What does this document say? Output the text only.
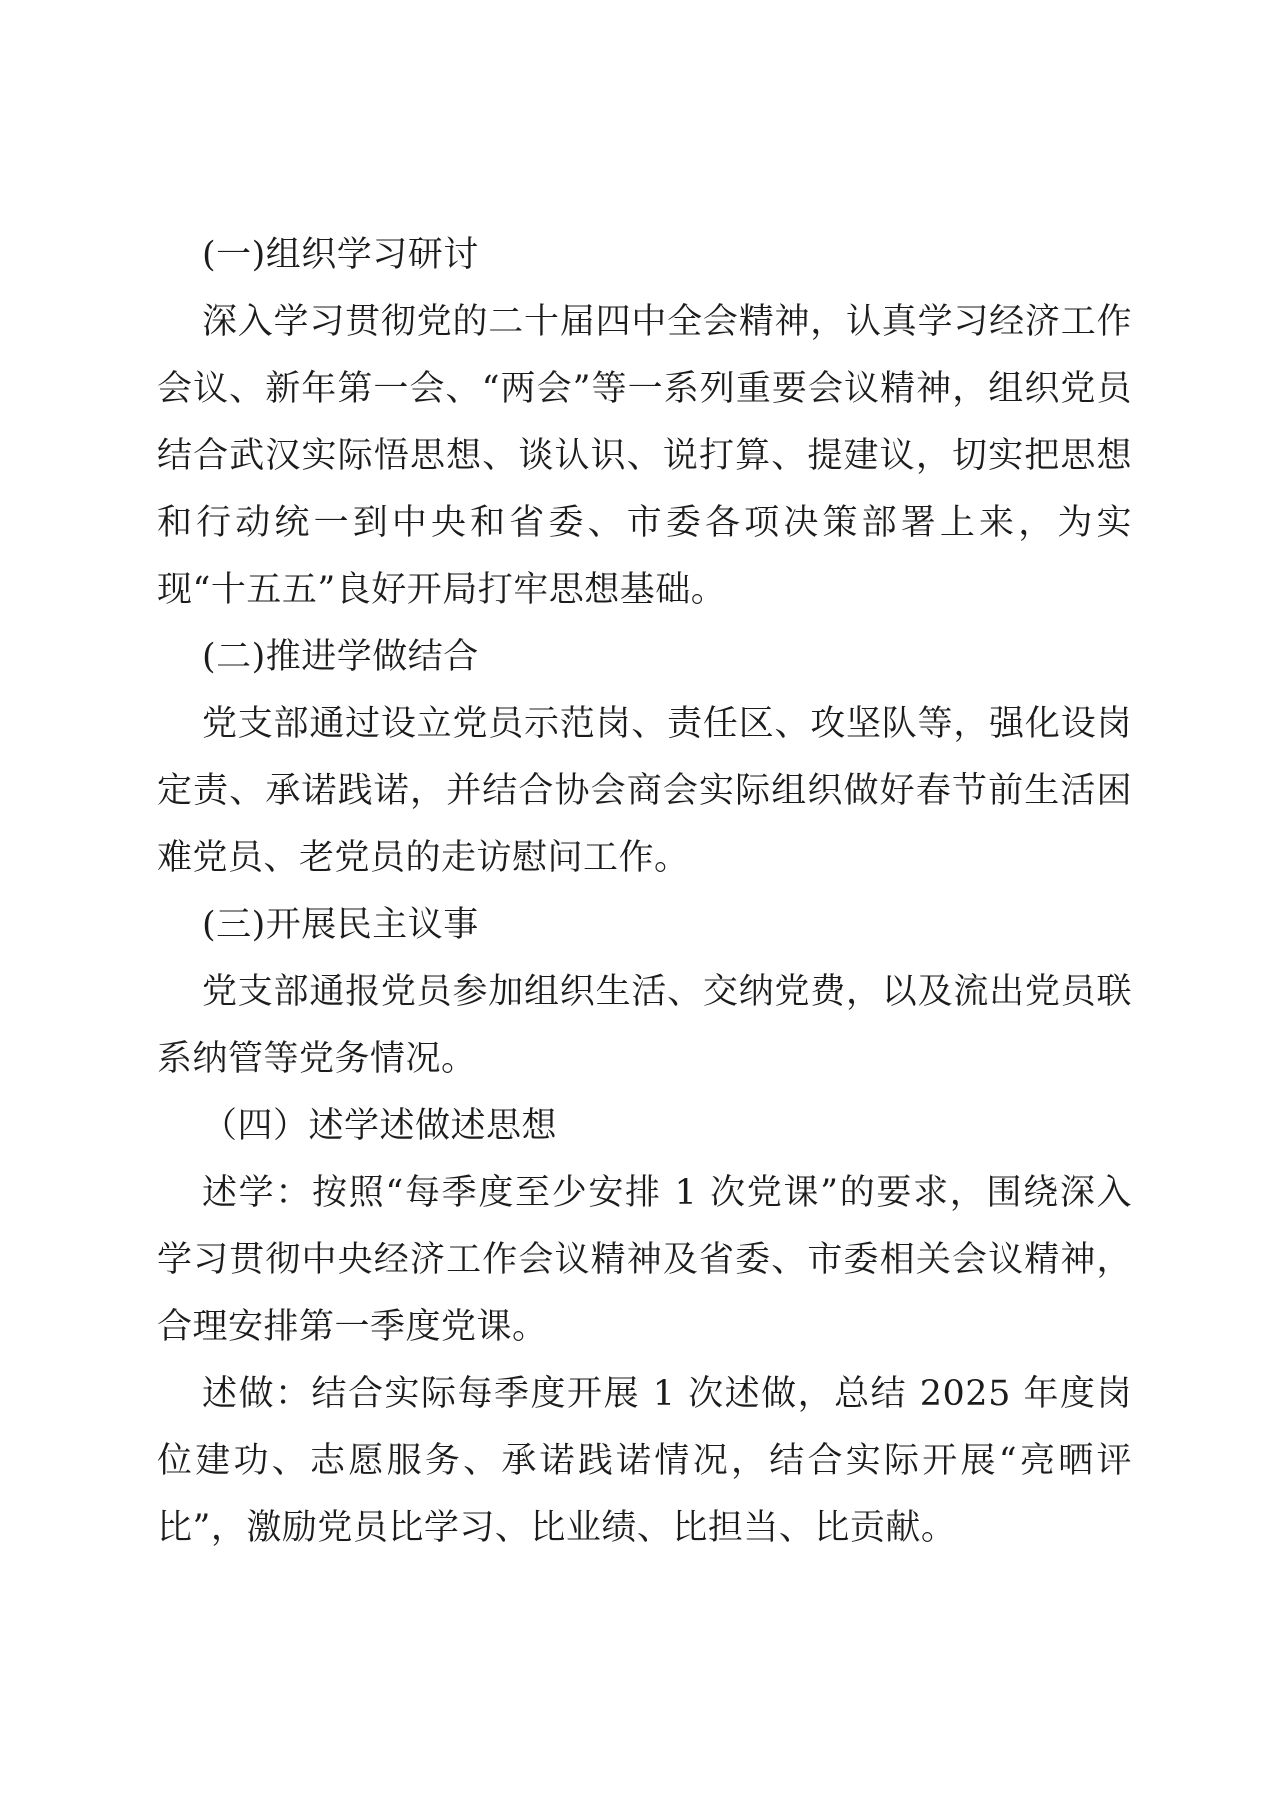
(一)组织学习研讨

深入学习贯彻党的二十届四中全会精神，认真学习经济工作会议、新年第一会、“两会”等一系列重要会议精神，组织党员结合武汉实际悟思想、谈认识、说打算、提建议，切实把思想和行动统一到中央和省委、市委各项决策部署上来，为实现“十五五”良好开局打牢思想基础。

(二)推进学做结合

党支部通过设立党员示范岗、责任区、攻坚队等，强化设岗定责、承诺践诺，并结合协会商会实际组织做好春节前生活困难党员、老党员的走访慰问工作。

(三)开展民主议事

党支部通报党员参加组织生活、交纳党费，以及流出党员联系纳管等党务情况。

（四）述学述做述思想

述学：按照“每季度至少安排 1 次党课”的要求，围绕深入学习贯彻中央经济工作会议精神及省委、市委相关会议精神，合理安排第一季度党课。

述做：结合实际每季度开展 1 次述做，总结 2025 年度岗位建功、志愿服务、承诺践诺情况，结合实际开展“亮晒评比”，激励党员比学习、比业绩、比担当、比贡献。
